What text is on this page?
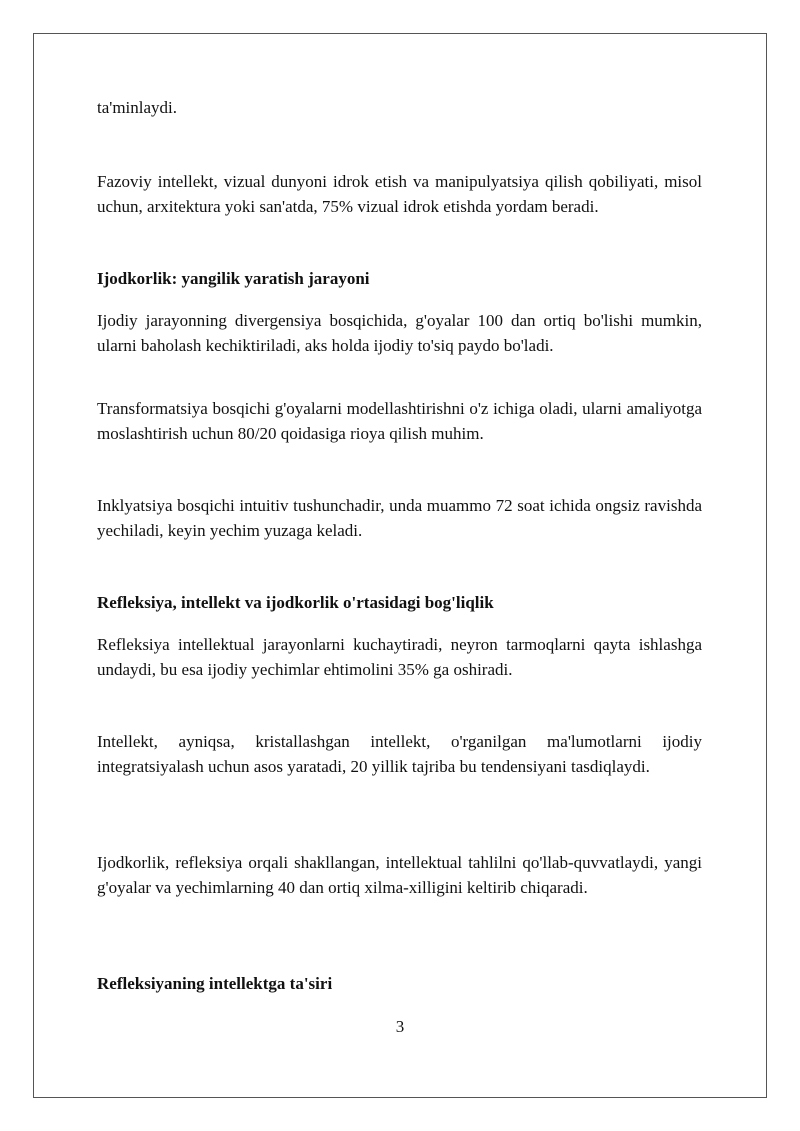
ta'minlaydi.

Fazoviy intellekt, vizual dunyoni idrok etish va manipulyatsiya qilish qobiliyati, misol uchun, arxitektura yoki san'atda, 75% vizual idrok etishda yordam beradi.

Ijodkorlik: yangilik yaratish jarayoni

Ijodiy jarayonning divergensiya bosqichida, g'oyalar 100 dan ortiq bo'lishi mumkin, ularni baholash kechiktiriladi, aks holda ijodiy to'siq paydo bo'ladi.

Transformatsiya bosqichi g'oyalarni modellashtirishni o'z ichiga oladi, ularni amaliyotga moslashtirish uchun 80/20 qoidasiga rioya qilish muhim.

Inklyatsiya bosqichi intuitiv tushunchadir, unda muammo 72 soat ichida ongsiz ravishda yechiladi, keyin yechim yuzaga keladi.

Refleksiya, intellekt va ijodkorlik o'rtasidagi bog'liqlik

Refleksiya intellektual jarayonlarni kuchaytiradi, neyron tarmoqlarni qayta ishlashga undaydi, bu esa ijodiy yechimlar ehtimolini 35% ga oshiradi.

Intellekt, ayniqsa, kristallashgan intellekt, o'rganilgan ma'lumotlarni ijodiy integratsiyalash uchun asos yaratadi, 20 yillik tajriba bu tendensiyani tasdiqlaydi.

Ijodkorlik, refleksiya orqali shakllangan, intellektual tahlilni qo'llab-quvvatlaydi, yangi g'oyalar va yechimlarning 40 dan ortiq xilma-xilligini keltirib chiqaradi.

Refleksiyaning intellektga ta'siri

3
